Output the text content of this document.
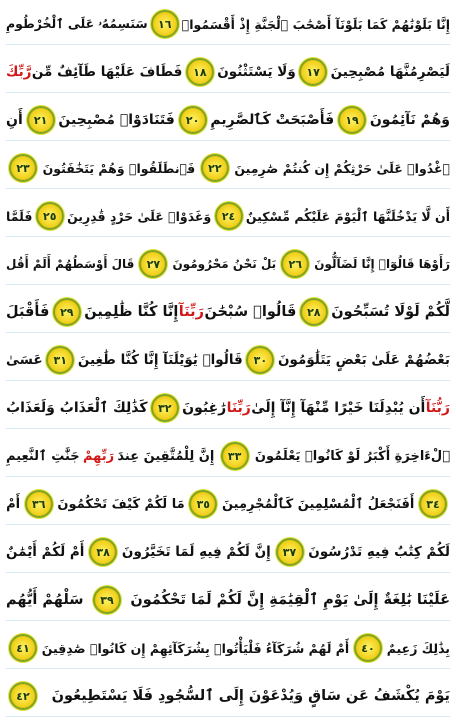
إِنَّا بَلَوْنَٰهُمْ كَمَا بَلَوْنَآ أَصْحَٰبَ ٱلْجَنَّةِ إِذْ أَقْسَمُوا۟
١٦
سَنَسِمُهُۥ عَلَى ٱلْخُرْطُومِ
لَيَصْرِمُنَّهَا مُصْبِحِينَ
١٧
وَلَا يَسْتَثْنُونَ
١٨
فَطَافَ عَلَيْهَا طَآئِفٌ مِّن
رَّبِّكَ
وَهُمْ نَآئِمُونَ
١٩
فَأَصْبَحَتْ كَٱلصَّرِيمِ
٢٠
فَتَنَادَوْا۟ مُصْبِحِينَ
٢١
أَنِ
ٱغْدُوا۟ عَلَىٰ حَرْثِكُمْ إِن كُنتُمْ صَٰرِمِينَ
٢٢
فَٱنطَلَقُوا۟ وَهُمْ يَتَخَٰفَتُونَ
٢٣
أَن لَّا يَدْخُلَنَّهَا ٱلْيَوْمَ عَلَيْكُم مِّسْكِينٌ
٢٤
وَغَدَوْا۟ عَلَىٰ حَرْدٍ قَٰدِرِينَ
٢٥
فَلَمَّا
رَأَوْهَا قَالُوٓا۟ إِنَّا لَضَآلُّونَ
٢٦
بَلْ نَحْنُ مَحْرُومُونَ
٢٧
قَالَ أَوْسَطُهُمْ أَلَمْ أَقُل
لَّكُمْ لَوْلَا تُسَبِّحُونَ
٢٨
قَالُوا۟ سُبْحَٰنَ
رَبِّنَآ
إِنَّا كُنَّا ظَٰلِمِينَ
٢٩
فَأَقْبَلَ
بَعْضُهُمْ عَلَىٰ بَعْضٍ يَتَلَٰوَمُونَ
٣٠
قَالُوا۟ يَٰوَيْلَنَآ إِنَّا كُنَّا طَٰغِينَ
٣١
عَسَىٰ
رَبُّنَآ
أَن يُبْدِلَنَا خَيْرًا مِّنْهَآ إِنَّآ إِلَىٰ
رَبِّنَا
رَٰغِبُونَ
٣٢
كَذَٰلِكَ ٱلْعَذَابُ وَلَعَذَابُ
ٱلْءَاخِرَةِ أَكْبَرُ لَوْ كَانُوا۟ يَعْلَمُونَ
٣٣
إِنَّ لِلْمُتَّقِينَ عِندَ
رَبِّهِمْ
جَنَّٰتِ ٱلنَّعِيمِ
٣٤
أَفَنَجْعَلُ ٱلْمُسْلِمِينَ كَٱلْمُجْرِمِينَ
٣٥
مَا لَكُمْ كَيْفَ تَحْكُمُونَ
٣٦
أَمْ
لَكُمْ كِتَٰبٌ فِيهِ تَدْرُسُونَ
٣٧
إِنَّ لَكُمْ فِيهِ لَمَا تَخَيَّرُونَ
٣٨
أَمْ لَكُمْ أَيْمَٰنٌ
عَلَيْنَا بَٰلِغَةٌ إِلَىٰ يَوْمِ ٱلْقِيَٰمَةِ إِنَّ لَكُمْ لَمَا تَحْكُمُونَ
٣٩
سَلْهُمْ أَيُّهُم
بِذَٰلِكَ زَعِيمٌ
٤٠
أَمْ لَهُمْ شُرَكَآءُ فَلْيَأْتُوا۟ بِشُرَكَآئِهِمْ إِن كَانُوا۟ صَٰدِقِينَ
٤١
يَوْمَ يُكْشَفُ عَن سَاقٍ وَيُدْعَوْنَ إِلَى ٱلسُّجُودِ فَلَا يَسْتَطِيعُونَ
٤٢
